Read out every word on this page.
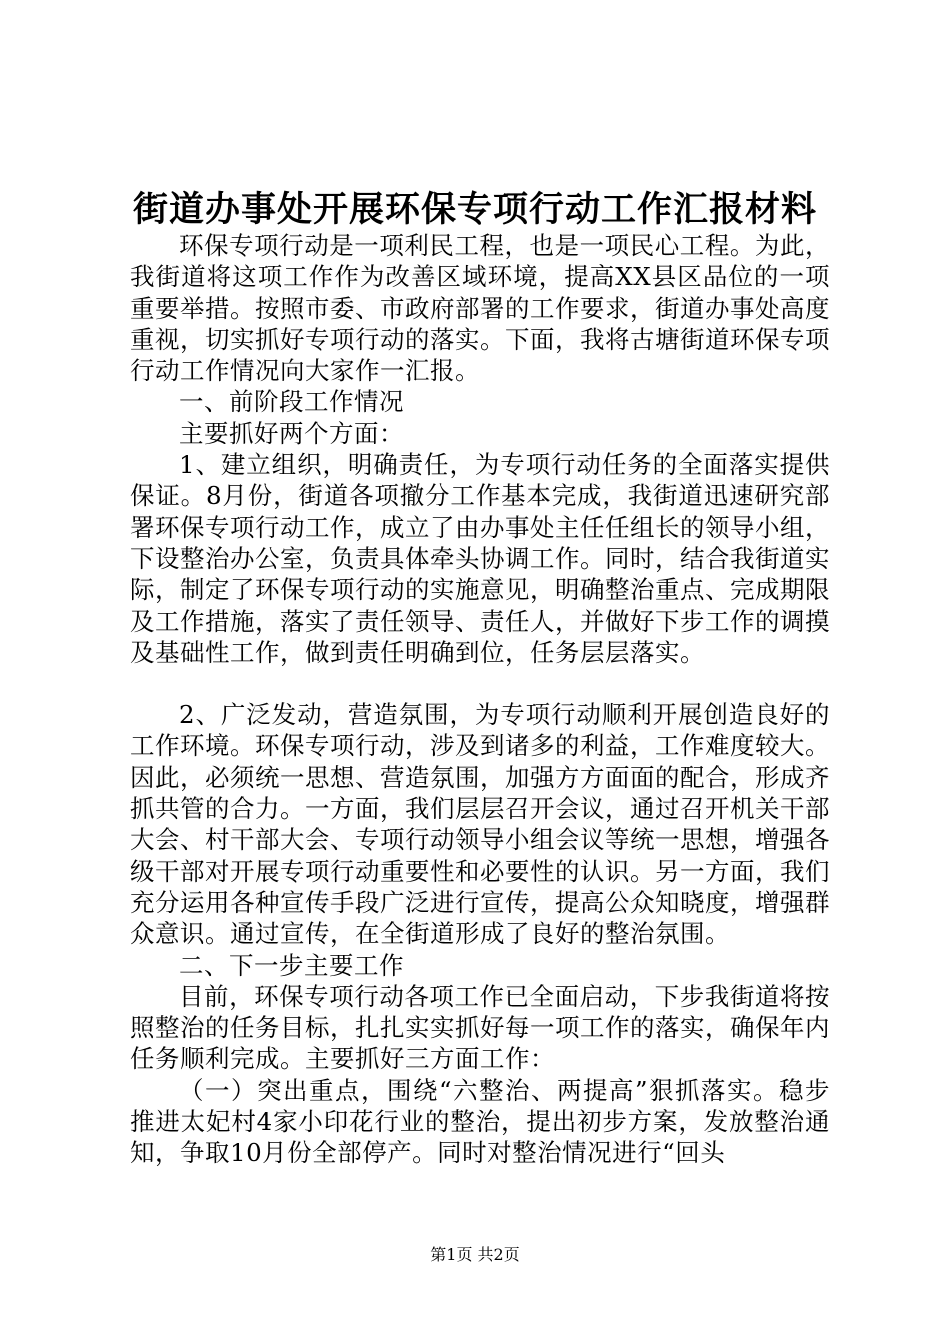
街道办事处开展环保专项行动工作汇报材料

环保专项行动是一项利民工程，也是一项民心工程。为此，我街道将这项工作作为改善区域环境，提高XX县区品位的一项重要举措。按照市委、市政府部署的工作要求，街道办事处高度重视，切实抓好专项行动的落实。下面，我将古塘街道环保专项行动工作情况向大家作一汇报。

一、前阶段工作情况

主要抓好两个方面：

1、建立组织，明确责任，为专项行动任务的全面落实提供保证。8月份，街道各项撤分工作基本完成，我街道迅速研究部署环保专项行动工作，成立了由办事处主任任组长的领导小组，下设整治办公室，负责具体牵头协调工作。同时，结合我街道实际，制定了环保专项行动的实施意见，明确整治重点、完成期限及工作措施，落实了责任领导、责任人，并做好下步工作的调摸及基础性工作，做到责任明确到位，任务层层落实。

2、广泛发动，营造氛围，为专项行动顺利开展创造良好的工作环境。环保专项行动，涉及到诸多的利益，工作难度较大。因此，必须统一思想、营造氛围，加强方方面面的配合，形成齐抓共管的合力。一方面，我们层层召开会议，通过召开机关干部大会、村干部大会、专项行动领导小组会议等统一思想，增强各级干部对开展专项行动重要性和必要性的认识。另一方面，我们充分运用各种宣传手段广泛进行宣传，提高公众知晓度，增强群众意识。通过宣传，在全街道形成了良好的整治氛围。

二、下一步主要工作

目前，环保专项行动各项工作已全面启动，下步我街道将按照整治的任务目标，扎扎实实抓好每一项工作的落实，确保年内任务顺利完成。主要抓好三方面工作：

（一）突出重点，围绕“六整治、两提高”狠抓落实。稳步推进太妃村4家小印花行业的整治，提出初步方案，发放整治通知，争取10月份全部停产。同时对整治情况进行“回头

第1页 共2页
